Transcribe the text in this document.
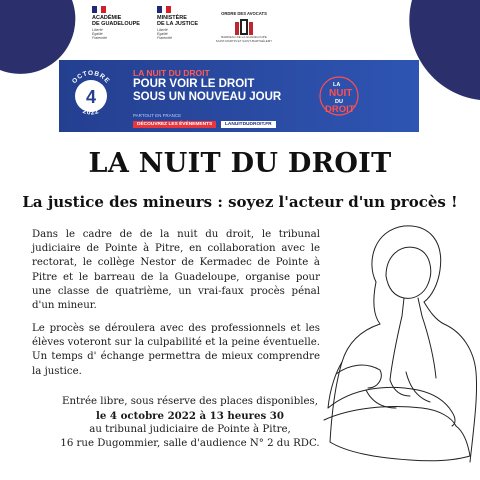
ACADÉMIE
DE GUADELOUPE
Liberté
Égalité
Fraternité
MINISTÈRE
DE LA JUSTICE
Liberté
Égalité
Fraternité
ORDRE DES AVOCATS
BARREAU DE LA GUADELOUPE
SAINT-MARTIN ET SAINT-BARTHÉLEMY
OCTOBRE
4
2022
LA NUIT DU DROIT
POUR VOIR LE DROIT
SOUS UN NOUVEAU JOUR
PARTOUT EN FRANCE
DÉCOUVREZ LES ÉVÉNEMENTS	LANUITDUDROIT.FR
LA
NUIT
DU
DROIT
LA NUIT DU DROIT
La justice des mineurs : soyez l'acteur d'un procès !
Dans le cadre de de la nuit du droit, le tribunal judiciaire de Pointe à Pitre, en collaboration avec le rectorat, le collège Nestor de Kermadec de Pointe à Pitre et le barreau de la Guadeloupe, organise pour une classe de quatrième, un vrai-faux procès pénal d'un mineur.
Le procès se déroulera avec des professionnels et les élèves voteront sur la culpabilité et la peine éventuelle. Un temps d' échange permettra de mieux comprendre la justice.
Entrée libre, sous réserve des places disponibles,
le 4 octobre 2022 à 13 heures 30
au tribunal judiciaire de Pointe à Pitre,
16 rue Dugommier, salle d'audience N° 2 du RDC.
